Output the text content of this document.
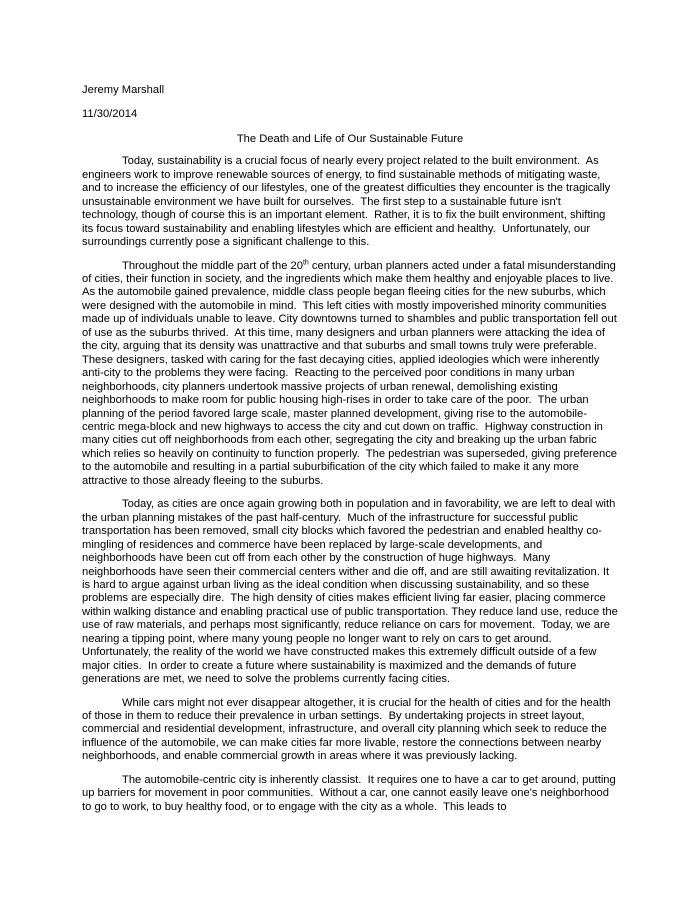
Jeremy Marshall

11/30/2014

The Death and Life of Our Sustainable Future

Today, sustainability is a crucial focus of nearly every project related to the built environment.  As engineers work to improve renewable sources of energy, to find sustainable methods of mitigating waste, and to increase the efficiency of our lifestyles, one of the greatest difficulties they encounter is the tragically unsustainable environment we have built for ourselves.  The first step to a sustainable future isn't technology, though of course this is an important element.  Rather, it is to fix the built environment, shifting its focus toward sustainability and enabling lifestyles which are efficient and healthy.  Unfortunately, our surroundings currently pose a significant challenge to this.

Throughout the middle part of the 20th century, urban planners acted under a fatal misunderstanding of cities, their function in society, and the ingredients which make them healthy and enjoyable places to live.  As the automobile gained prevalence, middle class people began fleeing cities for the new suburbs, which were designed with the automobile in mind.  This left cities with mostly impoverished minority communities made up of individuals unable to leave. City downtowns turned to shambles and public transportation fell out of use as the suburbs thrived.  At this time, many designers and urban planners were attacking the idea of the city, arguing that its density was unattractive and that suburbs and small towns truly were preferable.  These designers, tasked with caring for the fast decaying cities, applied ideologies which were inherently anti-city to the problems they were facing.  Reacting to the perceived poor conditions in many urban neighborhoods, city planners undertook massive projects of urban renewal, demolishing existing neighborhoods to make room for public housing high-rises in order to take care of the poor.  The urban planning of the period favored large scale, master planned development, giving rise to the automobile-centric mega-block and new highways to access the city and cut down on traffic.  Highway construction in many cities cut off neighborhoods from each other, segregating the city and breaking up the urban fabric which relies so heavily on continuity to function properly.  The pedestrian was superseded, giving preference to the automobile and resulting in a partial suburbification of the city which failed to make it any more attractive to those already fleeing to the suburbs.

Today, as cities are once again growing both in population and in favorability, we are left to deal with the urban planning mistakes of the past half-century.  Much of the infrastructure for successful public transportation has been removed, small city blocks which favored the pedestrian and enabled healthy co-mingling of residences and commerce have been replaced by large-scale developments, and neighborhoods have been cut off from each other by the construction of huge highways.  Many neighborhoods have seen their commercial centers wither and die off, and are still awaiting revitalization. It is hard to argue against urban living as the ideal condition when discussing sustainability, and so these problems are especially dire.  The high density of cities makes efficient living far easier, placing commerce within walking distance and enabling practical use of public transportation. They reduce land use, reduce the use of raw materials, and perhaps most significantly, reduce reliance on cars for movement.  Today, we are nearing a tipping point, where many young people no longer want to rely on cars to get around.  Unfortunately, the reality of the world we have constructed makes this extremely difficult outside of a few major cities.  In order to create a future where sustainability is maximized and the demands of future generations are met, we need to solve the problems currently facing cities.

While cars might not ever disappear altogether, it is crucial for the health of cities and for the health of those in them to reduce their prevalence in urban settings.  By undertaking projects in street layout, commercial and residential development, infrastructure, and overall city planning which seek to reduce the influence of the automobile, we can make cities far more livable, restore the connections between nearby neighborhoods, and enable commercial growth in areas where it was previously lacking.

The automobile-centric city is inherently classist.  It requires one to have a car to get around, putting up barriers for movement in poor communities.  Without a car, one cannot easily leave one's neighborhood to go to work, to buy healthy food, or to engage with the city as a whole.  This leads to
